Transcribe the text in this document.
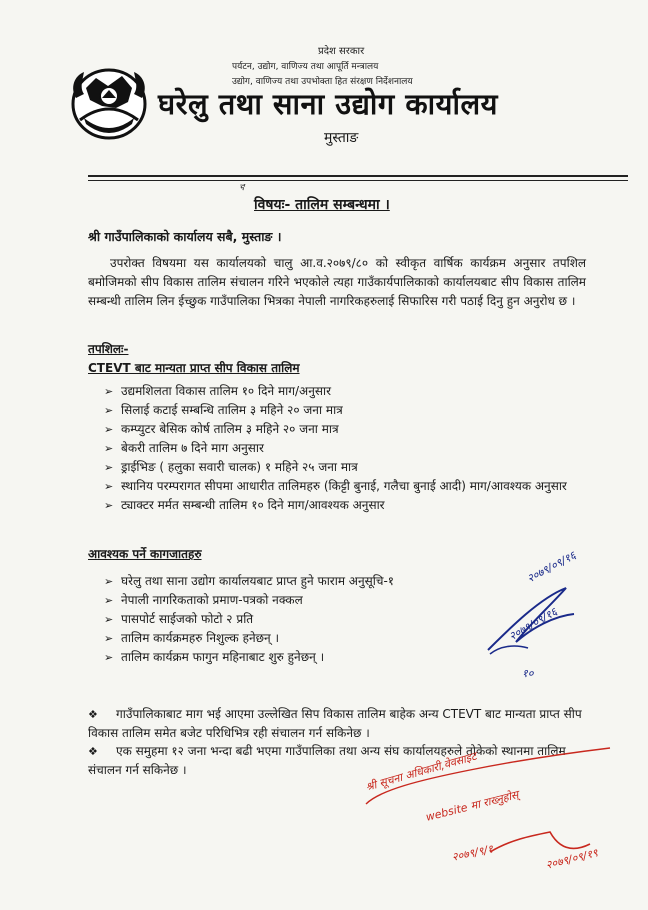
प्रदेश सरकार
पर्यटन, उद्योग, वाणिज्य तथा आपूर्ति मन्त्रालय
उद्योग, वाणिज्य तथा उपभोक्ता हित संरक्षण निर्देशनालय
घरेलु तथा साना उद्योग कार्यालय
मुस्ताङ
ኛ
विषयः- तालिम सम्बन्धमा ।
श्री गाउँपालिकाको कार्यालय सबै, मुस्ताङ ।
उपरोक्त विषयमा यस कार्यालयको चालु आ.व.२०७९/८० को स्वीकृत वार्षिक कार्यक्रम अनुसार तपशिल बमोजिमको सीप विकास तालिम संचालन गरिने भएकोले त्यहा गाउँकार्यपालिकाको कार्यालयबाट सीप विकास तालिम सम्बन्धी तालिम लिन ईच्छुक गाउँपालिका भित्रका नेपाली नागरिकहरुलाई सिफारिस गरी पठाई दिनु हुन अनुरोध छ ।
तपशिलः-
CTEVT बाट मान्यता प्राप्त सीप विकास तालिम
➢ उद्यमशिलता विकास तालिम १० दिने माग/अनुसार
➢ सिलाई कटाई सम्बन्धि तालिम ३ महिने २० जना मात्र
➢ कम्प्युटर बेसिक कोर्ष तालिम ३ महिने २० जना मात्र
➢ बेकरी तालिम ७ दिने माग अनुसार
➢ ड्राईभिङ ( हलुका सवारी चालक) १ महिने २५ जना मात्र
➢ स्थानिय परम्परागत सीपमा आधारीत तालिमहरु (किट्टी बुनाई, गलैचा बुनाई आदी) माग/आवश्यक अनुसार
➢ ट्याक्टर मर्मत सम्बन्धी तालिम १० दिने माग/आवश्यक अनुसार
आवश्यक पर्ने कागजातहरु
➢ घरेलु तथा साना उद्योग कार्यालयबाट प्राप्त हुने फाराम अनुसूचि-१
➢ नेपाली नागरिकताको प्रमाण-पत्रको नक्कल
➢ पासपोर्ट साईजको फोटो २ प्रति
➢ तालिम कार्यक्रमहरु निशुल्क हनेछन् ।
➢ तालिम कार्यक्रम फागुन महिनाबाट शुरु हुनेछन् ।
२०७९/०९/१६
२०७९/०९/१६
१०
❖ गाउँपालिकाबाट माग भई आएमा उल्लेखित सिप विकास तालिम बाहेक अन्य CTEVT बाट मान्यता प्राप्त सीप विकास तालिम समेत बजेट परिधिभित्र रही संचालन गर्न सकिनेछ ।
❖ एक समुहमा १२ जना भन्दा बढी भएमा गाउँपालिका तथा अन्य संघ कार्यालयहरुले तोकेको स्थानमा तालिम संचालन गर्न सकिनेछ ।	श्री सूचना अधिकारी,वेवसाइट
website मा राख्नुहोस्
२०७९/९/१	२०७९/०९/१९
